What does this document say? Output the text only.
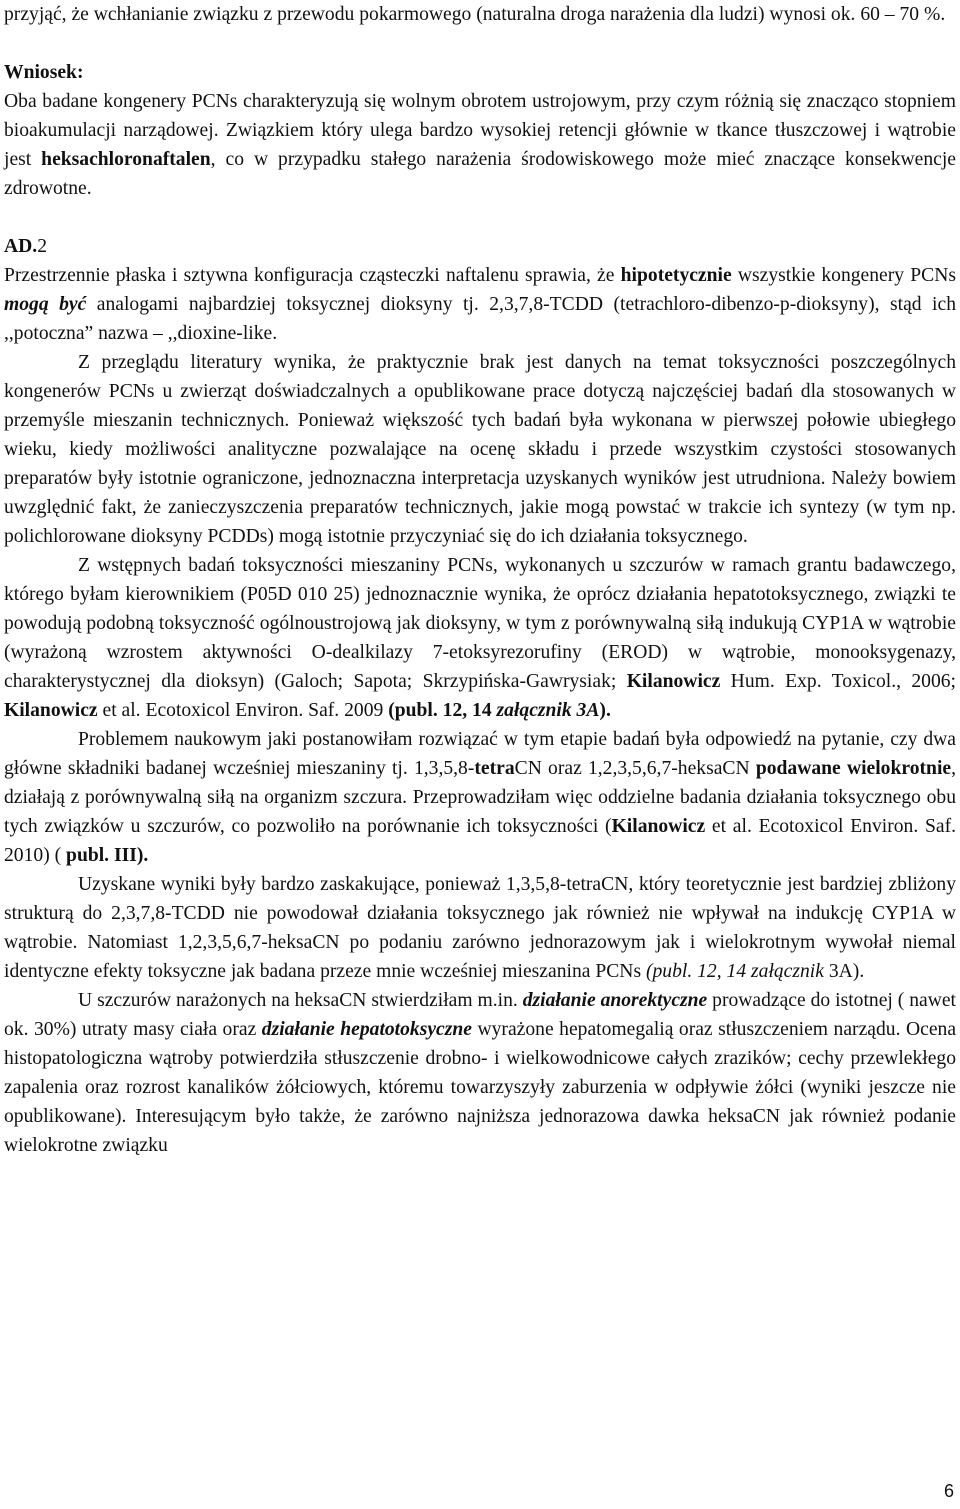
przyjąć, że wchłanianie związku z przewodu pokarmowego (naturalna droga narażenia dla ludzi) wynosi ok. 60 – 70 %.

Wniosek:

Oba badane kongenery PCNs charakteryzują się wolnym obrotem ustrojowym, przy czym różnią się znacząco stopniem bioakumulacji narządowej. Związkiem który ulega bardzo wysokiej retencji głównie w tkance tłuszczowej i wątrobie jest heksachloronaftalen, co w przypadku stałego narażenia środowiskowego może mieć znaczące konsekwencje zdrowotne.

AD.2

Przestrzennie płaska i sztywna konfiguracja cząsteczki naftalenu sprawia, że hipotetycznie wszystkie kongenery PCNs mogą być analogami najbardziej toksycznej dioksyny tj. 2,3,7,8-TCDD (tetrachloro-dibenzo-p-dioksyny), stąd ich ,,potoczna” nazwa – ,,dioxine-like.

Z przeglądu literatury wynika, że praktycznie brak jest danych na temat toksyczności poszczególnych kongenerów PCNs u zwierząt doświadczalnych a opublikowane prace dotyczą najczęściej badań dla stosowanych w przemyśle mieszanin technicznych. Ponieważ większość tych badań była wykonana w pierwszej połowie ubiegłego wieku, kiedy możliwości analityczne pozwalające na ocenę składu i przede wszystkim czystości stosowanych preparatów były istotnie ograniczone, jednoznaczna interpretacja uzyskanych wyników jest utrudniona. Należy bowiem uwzględnić fakt, że zanieczyszczenia preparatów technicznych, jakie mogą powstać w trakcie ich syntezy (w tym np. polichlorowane dioksyny PCDDs) mogą istotnie przyczyniać się do ich działania toksycznego.

Z wstępnych badań toksyczności mieszaniny PCNs, wykonanych u szczurów w ramach grantu badawczego, którego byłam kierownikiem (P05D 010 25) jednoznacznie wynika, że oprócz działania hepatotoksycznego, związki te powodują podobną toksyczność ogólnoustrojową jak dioksyny, w tym z porównywalną siłą indukują CYP1A w wątrobie (wyrażoną wzrostem aktywności O-dealkilazy 7-etoksyrezorufiny (EROD) w wątrobie, monooksygenazy, charakterystycznej dla dioksyn) (Galoch; Sapota; Skrzypińska-Gawrysiak; Kilanowicz Hum. Exp. Toxicol., 2006; Kilanowicz et al. Ecotoxicol Environ. Saf. 2009 (publ. 12, 14 załącznik 3A).

Problemem naukowym jaki postanowiłam rozwiązać w tym etapie badań była odpowiedź na pytanie, czy dwa główne składniki badanej wcześniej mieszaniny tj. 1,3,5,8-tetraCN oraz 1,2,3,5,6,7-heksaCN podawane wielokrotnie, działają z porównywalną siłą na organizm szczura. Przeprowadziłam więc oddzielne badania działania toksycznego obu tych związków u szczurów, co pozwoliło na porównanie ich toksyczności (Kilanowicz et al. Ecotoxicol Environ. Saf. 2010) ( publ. III).

Uzyskane wyniki były bardzo zaskakujące, ponieważ 1,3,5,8-tetraCN, który teoretycznie jest bardziej zbliżony strukturą do 2,3,7,8-TCDD nie powodował działania toksycznego jak również nie wpływał na indukcję CYP1A w wątrobie. Natomiast 1,2,3,5,6,7-heksaCN po podaniu zarówno jednorazowym jak i wielokrotnym wywołał niemal identyczne efekty toksyczne jak badana przeze mnie wcześniej mieszanina PCNs (publ. 12, 14 załącznik 3A).

U szczurów narażonych na heksaCN stwierdziłam m.in. działanie anorektyczne prowadzące do istotnej ( nawet ok. 30%) utraty masy ciała oraz działanie hepatotoksyczne wyrażone hepatomegalią oraz stłuszczeniem narządu. Ocena histopatologiczna wątroby potwierdziła stłuszczenie drobno- i wielkowodnicowe całych zrazików; cechy przewlekłego zapalenia oraz rozrost kanalików żółciowych, któremu towarzyszyły zaburzenia w odpływie żółci (wyniki jeszcze nie opublikowane). Interesującym było także, że zarówno najniższa jednorazowa dawka heksaCN jak również podanie wielokrotne związku

6
